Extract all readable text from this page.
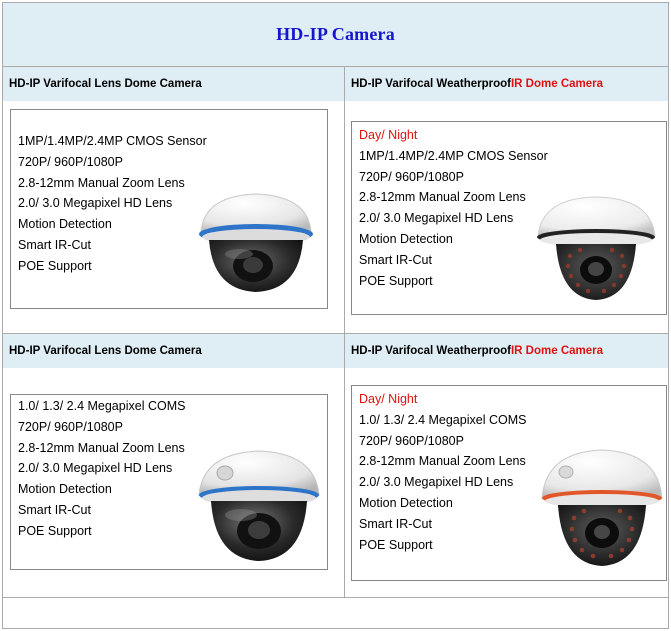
HD-IP Camera
HD-IP Varifocal Lens Dome Camera
1MP/1.4MP/2.4MP CMOS Sensor
720P/ 960P/1080P
2.8-12mm Manual Zoom Lens
2.0/ 3.0 Megapixel HD Lens
Motion Detection
Smart IR-Cut
POE Support
HD-IP Varifocal Weatherproof IR Dome Camera
Day/ Night
1MP/1.4MP/2.4MP CMOS Sensor
720P/ 960P/1080P
2.8-12mm Manual Zoom Lens
2.0/ 3.0 Megapixel HD Lens
Motion Detection
Smart IR-Cut
POE Support
HD-IP Varifocal Lens Dome Camera
1.0/ 1.3/ 2.4 Megapixel COMS
720P/ 960P/1080P
2.8-12mm Manual Zoom Lens
2.0/ 3.0 Megapixel HD Lens
Motion Detection
Smart IR-Cut
POE Support
HD-IP Varifocal Weatherproof IR Dome Camera
Day/ Night
1.0/ 1.3/ 2.4 Megapixel COMS
720P/ 960P/1080P
2.8-12mm Manual Zoom Lens
2.0/ 3.0 Megapixel HD Lens
Motion Detection
Smart IR-Cut
POE Support
